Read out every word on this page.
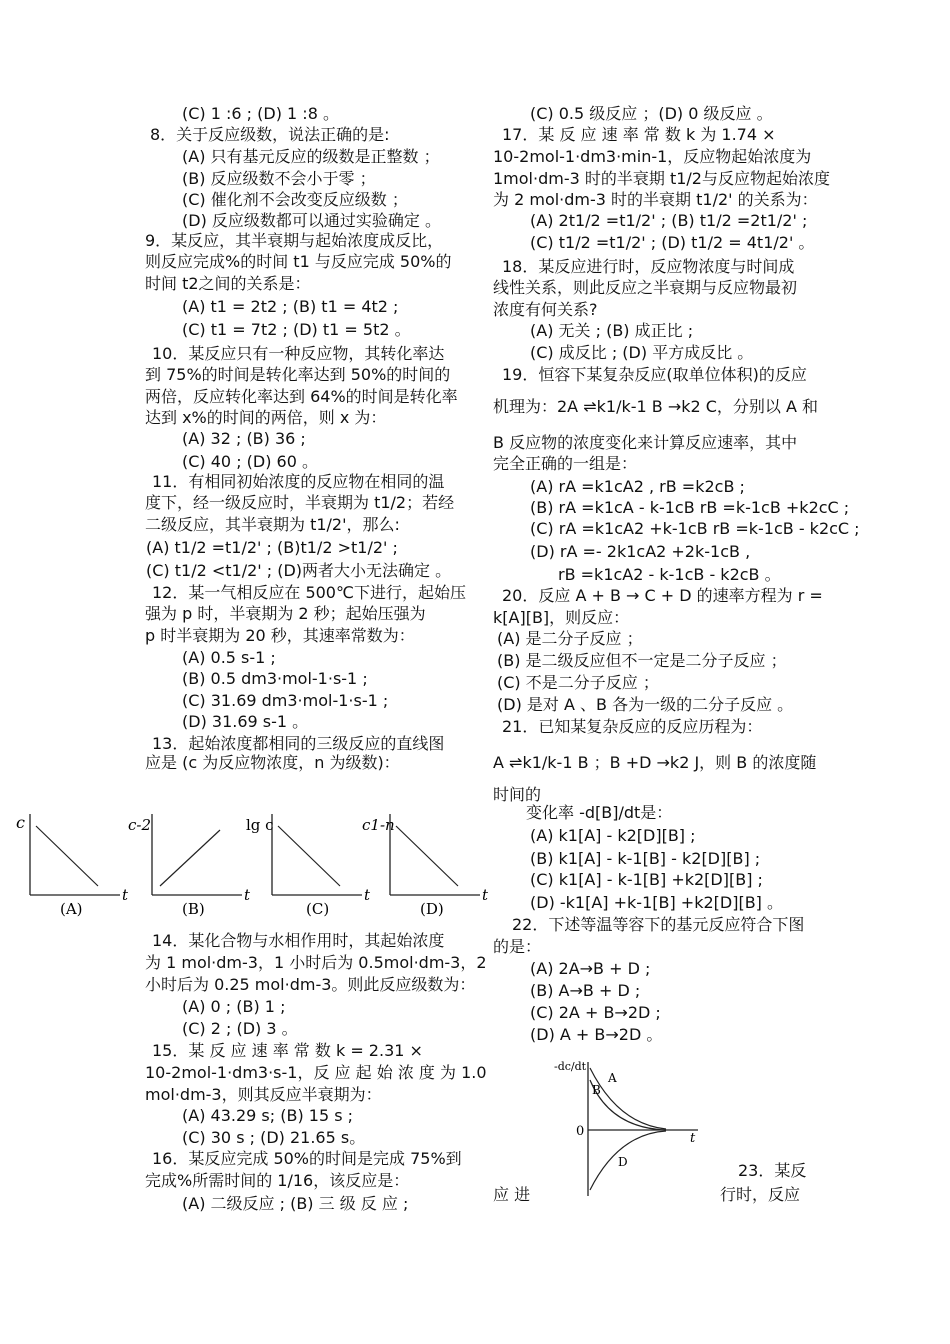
(C) 1 :6 ; (D) 1 :8 。
8．关于反应级数，说法正确的是:
(A) 只有基元反应的级数是正整数 ；
(B) 反应级数不会小于零 ；
(C) 催化剂不会改变反应级数 ；
(D) 反应级数都可以通过实验确定 。
9．某反应，其半衰期与起始浓度成反比，
则反应完成%的时间 t1 与反应完成 50%的
时间 t2之间的关系是：
(A) t1 = 2t2 ; (B) t1 = 4t2 ;
(C) t1 = 7t2 ; (D) t1 = 5t2 。
10．某反应只有一种反应物，其转化率达
到 75%的时间是转化率达到 50%的时间的
两倍，反应转化率达到 64%的时间是转化率
达到 x%的时间的两倍，则 x 为：
(A) 32 ; (B) 36 ;
(C) 40 ; (D) 60 。
11．有相同初始浓度的反应物在相同的温
度下，经一级反应时，半衰期为 t1/2；若经
二级反应，其半衰期为 t1/2'，那么:
(A) t1/2 =t1/2' ; (B)t1/2 >t1/2' ;
(C) t1/2 <t1/2' ; (D)两者大小无法确定 。
12．某一气相反应在 500℃下进行，起始压
强为 p 时，半衰期为 2 秒；起始压强为
p 时半衰期为 20 秒，其速率常数为：
(A) 0.5 s-1 ;
(B) 0.5 dm3·mol-1·s-1 ;
(C) 31.69 dm3·mol-1·s-1 ;
(D) 31.69 s-1 。
13．起始浓度都相同的三级反应的直线图
应是 (c 为反应物浓度，n 为级数)：
c
t
(A)
c-2
t
(B)
lg c
t
(C)
c1-n
t
(D)
14．某化合物与水相作用时，其起始浓度
为 1 mol·dm-3，1 小时后为 0.5mol·dm-3，2
小时后为 0.25 mol·dm-3。则此反应级数为：
(A) 0 ; (B) 1 ;
(C) 2 ; (D) 3 。
15．某 反 应 速 率 常 数 k = 2.31 ×
10-2mol-1·dm3·s-1，反 应 起 始 浓 度 为 1.0
mol·dm-3，则其反应半衰期为：
(A) 43.29 s; (B) 15 s ;
(C) 30 s ; (D) 21.65 s。
16．某反应完成 50%的时间是完成 75%到
完成%所需时间的 1/16，该反应是：
(A) 二级反应 ; (B) 三 级 反 应 ;
(C) 0.5 级反应 ；(D) 0 级反应 。
17．某 反 应 速 率 常 数 k 为 1.74 ×
10-2mol-1·dm3·min-1，反应物起始浓度为
1mol·dm-3 时的半衰期 t1/2与反应物起始浓度
为 2 mol·dm-3 时的半衰期 t1/2' 的关系为：
(A) 2t1/2 =t1/2' ; (B) t1/2 =2t1/2' ;
(C) t1/2 =t1/2' ; (D) t1/2 = 4t1/2' 。
18．某反应进行时，反应物浓度与时间成
线性关系，则此反应之半衰期与反应物最初
浓度有何关系?
(A) 无关 ; (B) 成正比 ;
(C) 成反比 ; (D) 平方成反比 。
19．恒容下某复杂反应(取单位体积)的反应
机理为：2A ⇌k1/k-1 B →k2 C，分别以 A 和
B 反应物的浓度变化来计算反应速率，其中
完全正确的一组是：
(A) rA =k1cA2 , rB =k2cB ;
(B) rA =k1cA - k-1cB rB =k-1cB +k2cC ;
(C) rA =k1cA2 +k-1cB rB =k-1cB - k2cC ;
(D) rA =- 2k1cA2 +2k-1cB ,
rB =k1cA2 - k-1cB - k2cB 。
20．反应 A + B → C + D 的速率方程为 r =
k[A][B]，则反应：
(A) 是二分子反应 ；
(B) 是二级反应但不一定是二分子反应 ；
(C) 不是二分子反应 ；
(D) 是对 A 、B 各为一级的二分子反应 。
21．已知某复杂反应的反应历程为：
A ⇌k1/k-1 B ；B +D →k2 J，则 B 的浓度随
时间的
变化率 -d[B]/dt是：
(A) k1[A] - k2[D][B] ;
(B) k1[A] - k-1[B] - k2[D][B] ;
(C) k1[A] - k-1[B] +k2[D][B] ;
(D) -k1[A] +k-1[B] +k2[D][B] 。
22．下述等温等容下的基元反应符合下图
的是：
(A) 2A→B + D ;
(B) A→B + D ;
(C) 2A + B→2D ;
(D) A + B→2D 。
23．某反
应 进	行时，反应
-dc/dt
0	t
A
B
D
